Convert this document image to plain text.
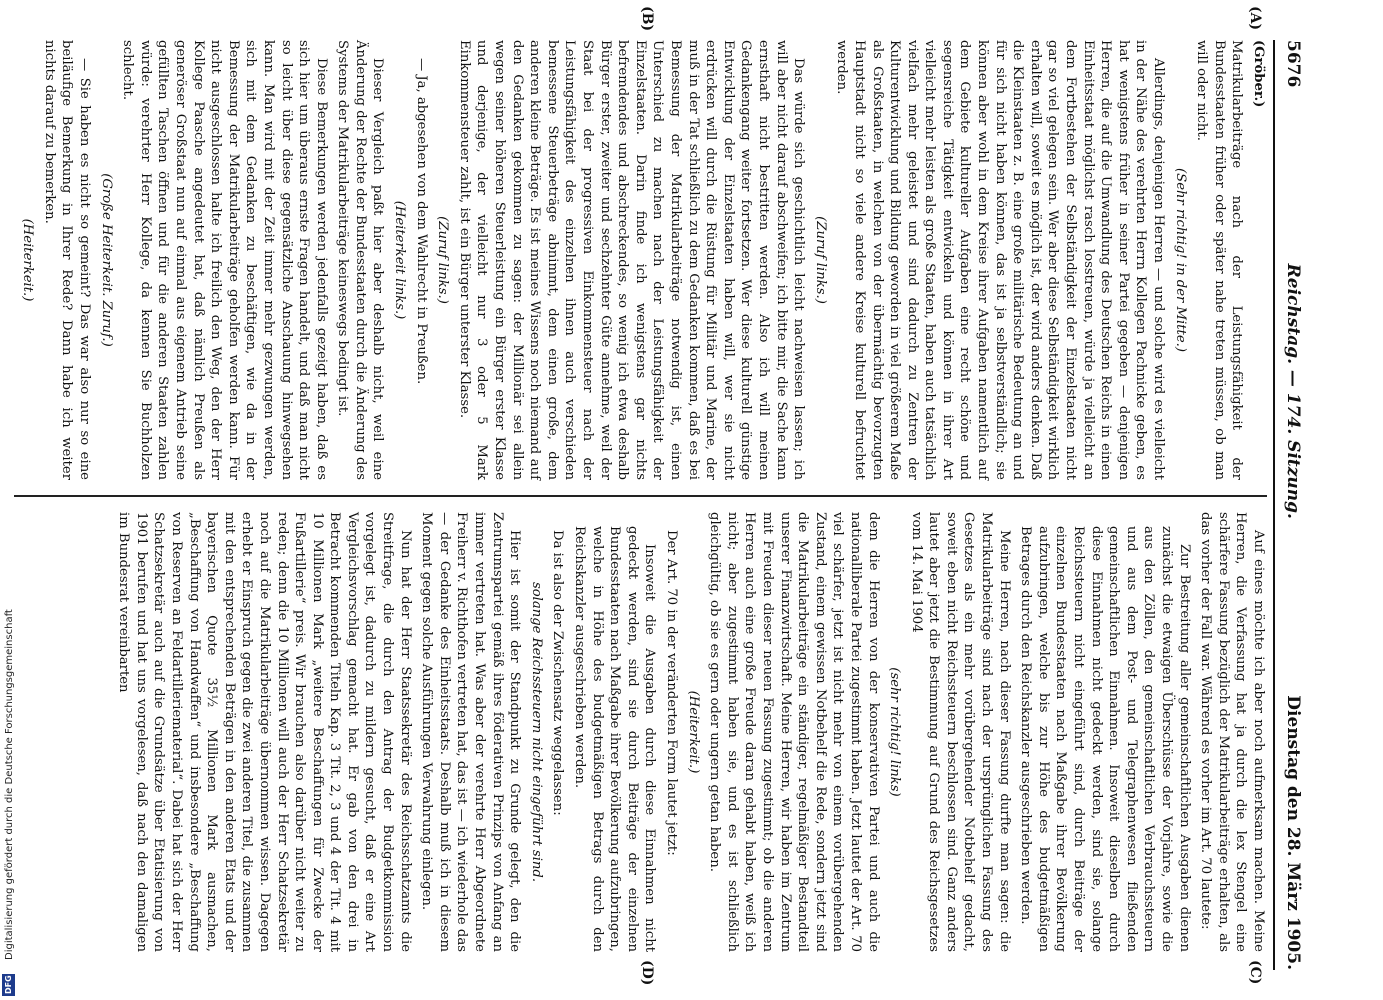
5676
Reichstag. — 174. Sitzung.
Dienstag den 28. März 1905.
(A)
(B)
(C)
(D)

(Gröber.)

Matrikularbeiträge nach der Leistungsfähigkeit der Bundesstaaten früher oder später nahe treten müssen, ob man will oder nicht.

(Sehr richtig! in der Mitte.)

Allerdings, denjenigen Herren — und solche wird es vielleicht in der Nähe des verehrten Herrn Kollegen Pachnicke geben, es hat wenigstens früher in seiner Partei gegeben — denjenigen Herren, die auf die Umwandlung des Deutschen Reichs in einen Einheitsstaat möglichst rasch losstreuen, würde ja vielleicht an dem Fortbestehen der Selbständigkeit der Einzelstaaten nicht gar so viel gelegen sein. Wer aber diese Selbständigkeit wirklich erhalten will, soweit es möglich ist, der wird anders denken. Daß die Kleinstaaten z. B. eine große militärische Bedeutung an und für sich nicht haben können, das ist ja selbstverständlich; sie können aber wohl in dem Kreise ihrer Aufgaben namentlich auf dem Gebiete kultureller Aufgaben eine recht schöne und segensreiche Tätigkeit entwickeln und können in ihrer Art vielleicht mehr leisten als große Staaten, haben auch tatsächlich vielfach mehr geleistet und sind dadurch zu Zentren der Kulturentwicklung und Bildung geworden in viel größerem Maße als Großstaaten, in welchen von der übermächtig bevorzugten Hauptstadt nicht so viele andere Kreise kulturell befruchtet werden.

(Zuruf links.)

Das würde sich geschichtlich leicht nachweisen lassen; ich will aber nicht darauf abschweifen; ich bitte mir, die Sache kann ernsthaft nicht bestritten werden. Also ich will meinen Gedankengang weiter fortsetzen. Wer diese kulturell günstige Entwicklung der Einzelstaaten haben will, wer sie nicht erdrücken will durch die Rüstung für Militär und Marine, der muß in der Tat schließlich zu dem Gedanken kommen, daß es bei Bemessung der Matrikularbeiträge notwendig ist, einen Unterschied zu machen nach der Leistungsfähigkeit der Einzelstaaten. Darin finde ich wenigstens gar nichts befremdendes und abschreckendes, so wenig ich etwa deshalb Bürger erster, zweiter und sechzehnter Güte annehme, weil der Staat bei der progressiven Einkommensteuer nach der Leistungsfähigkeit des einzelnen ihnen auch verschieden bemessene Steuerbeträge abnimmt, dem einen große, dem anderen kleine Beträge. Es ist meines Wissens noch niemand auf den Gedanken gekommen zu sagen: der Millionär sei allein wegen seiner höheren Steuerleistung ein Bürger erster Klasse und derjenige, der vielleicht nur 3 oder 5 Mark Einkommensteuer zahlt, ist ein Bürger unterster Klasse.

(Zuruf links.)

— Ja, abgesehen von dem Wahlrecht in Preußen.

(Heiterkeit links.)

Dieser Vergleich paßt hier aber deshalb nicht, weil eine Änderung der Rechte der Bundesstaaten durch die Änderung des Systems der Matrikularbeiträge keineswegs bedingt ist.

Diese Bemerkungen werden jedenfalls gezeigt haben, daß es sich hier um überaus ernste Fragen handelt, und daß man nicht so leicht über diese gegensätzliche Anschauung hinwegsehen kann. Man wird mit der Zeit immer mehr gezwungen werden, sich mit dem Gedanken zu beschäftigen, wie da in der Bemessung der Matrikularbeiträge geholfen werden kann. Für nicht ausgeschlossen halte ich freilich den Weg, den der Herr Kollege Paasche angedeutet hat, daß nämlich Preußen als generöser Großstaat nun auf einmal aus eigenem Antrieb seine gefüllten Taschen öffnen und für die anderen Staaten zahlen würde: verehrter Herr Kollege, da kennen Sie Buchholzen schlecht.

(Große Heiterkeit. Zuruf.)

— Sie haben es nicht so gemeint? Das war also nur so eine beiläufige Bemerkung in Ihrer Rede? Dann habe ich weiter nichts darauf zu bemerken.

(Heiterkeit.)

Auf eines möchte ich aber noch aufmerksam machen. Meine Herren, die Verfassung hat ja durch die lex Stengel eine schärfere Fassung bezüglich der Matrikularbeiträge erhalten, als das vorher der Fall war. Während es vorher im Art. 70 lautete:

Zur Bestreitung aller gemeinschaftlichen Ausgaben dienen zunächst die etwaigen Überschüsse der Vorjahre, sowie die aus den Zöllen, den gemeinschaftlichen Verbrauchssteuern und aus dem Post- und Telegraphenwesen fließenden gemeinschaftlichen Einnahmen. Insoweit dieselben durch diese Einnahmen nicht gedeckt werden, sind sie, solange Reichssteuern nicht eingeführt sind, durch Beiträge der einzelnen Bundesstaaten nach Maßgabe ihrer Bevölkerung aufzubringen, welche bis zur Höhe des budgetmäßigen Betrages durch den Reichskanzler ausgeschrieben werden.

Meine Herren, nach dieser Fassung durfte man sagen: die Matrikularbeiträge sind nach der ursprünglichen Fassung des Gesetzes als ein mehr vorübergehender Notbehelf gedacht, soweit eben nicht Reichssteuern beschlossen sind. Ganz anders lautet aber jetzt die Bestimmung auf Grund des Reichsgesetzes vom 14. Mai 1904

(sehr richtig! links)

dem die Herren von der konservativen Partei und auch die nationalliberale Partei zugestimmt haben. Jetzt lautet der Art. 70 viel schärfer, jetzt ist nicht mehr von einem vorübergehenden Zustand, einem gewissen Notbehelf die Rede, sondern jetzt sind die Matrikularbeiträge ein ständiger, regelmäßiger Bestandteil unserer Finanzwirtschaft. Meine Herren, wir haben im Zentrum mit Freuden dieser neuen Fassung zugestimmt; ob die anderen Herren auch eine große Freude daran gehabt haben, weiß ich nicht; aber zugestimmt haben sie, und es ist schließlich gleichgültig, ob sie es gern oder ungern getan haben.

(Heiterkeit.)

Der Art. 70 in der veränderten Form lautet jetzt:

Insoweit die Ausgaben durch diese Einnahmen nicht gedeckt werden, sind sie durch Beiträge der einzelnen Bundesstaaten nach Maßgabe ihrer Bevölkerung aufzubringen, welche in Höhe des budgetmäßigen Betrags durch den Reichskanzler ausgeschrieben werden.

Da ist also der Zwischensatz weggelassen:

solange Reichssteuern nicht eingeführt sind.

Hier ist somit der Standpunkt zu Grunde gelegt, den die Zentrumspartei gemäß ihres föderativen Prinzips von Anfang an immer vertreten hat. Was aber der verehrte Herr Abgeordnete Freiherr v. Richthofen vertreten hat, das ist — ich wiederhole das — der Gedanke des Einheitsstaats. Deshalb muß ich in diesem Moment gegen solche Ausführungen Verwahrung einlegen.

Nun hat der Herr Staatssekretär des Reichsschatzamts die Streitfrage, die durch den Antrag der Budgetkommission vorgelegt ist, dadurch zu mildern gesucht, daß er eine Art Vergleichsvorschlag gemacht hat. Er gab von den drei in Betracht kommenden Titeln Kap. 3 Tit. 2, 3 und 4 der Tit. 4 mit 10 Millionen Mark „weitere Beschaffungen für Zwecke der Fußartillerie“ preis. Wir brauchen also darüber nicht weiter zu reden; denn die 10 Millionen will auch der Herr Schatzsekretär noch auf die Matrikularbeiträge übernommen wissen. Dagegen erhebt er Einspruch gegen die zwei anderen Titel, die zusammen mit den entsprechenden Beträgen in den anderen Etats und der bayerischen Quote 35½ Millionen Mark ausmachen, „Beschaffung von Handwaffen“ und insbesondere „Beschaffung von Reserven an Feldartilleriematerial“. Dabei hat sich der Herr Schatzsekretär auch auf die Grundsätze über Etatisierung von 1901 berufen und hat uns vorgelesen, daß nach den damaligen im Bundesrat vereinbarten

Digitalisierung gefördert durch die Deutsche Forschungsgemeinschaft
DFG
